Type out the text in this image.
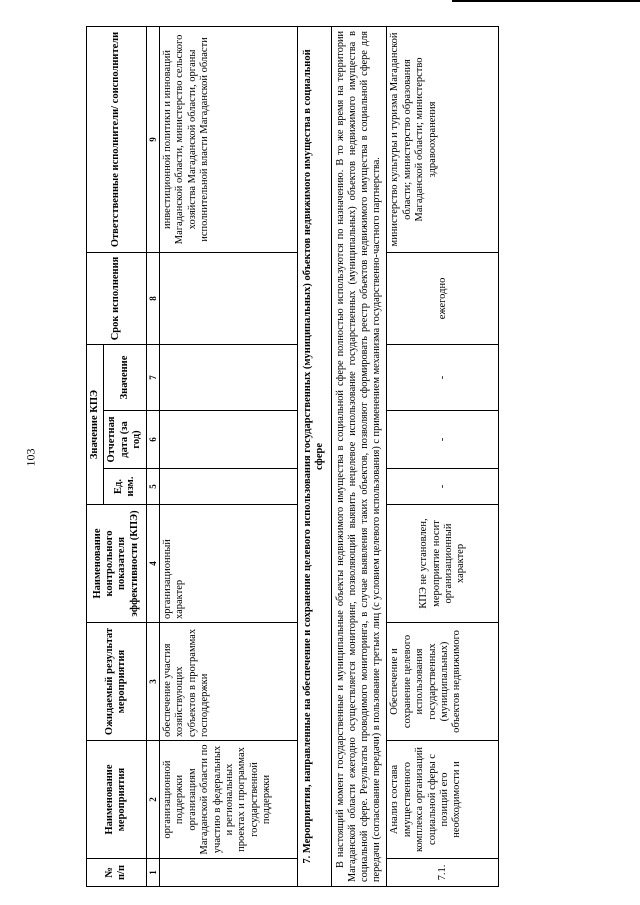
103
№ п/п	Наименование мероприятия	Ожидаемый результат мероприятия	Наименование контрольного показателя эффективности (КПЭ)	Значение КПЭ			Срок исполнения	Ответственные исполнители/ соисполнители
				Ед. изм.	Отчетная дата (за год)	Значение		
1	2	3	4	5	6	7	8	9
	организационной поддержки организациям Магаданской области по участию в федеральных и региональных проектах и программах государственной поддержки	обеспечение участия хозяйствующих субъектов в программах господдержки	организационный характер					инвестиционной политики и инноваций Магаданской области, министерство сельского хозяйства Магаданской области, органы исполнительной власти Магаданской области
7. Мероприятия, направленные на обеспечение и сохранение целевого использования государственных (муниципальных) объектов недвижимого имущества в социальной сфере								
В настоящий момент государственные и муниципальные объекты недвижимого имущества в социальной сфере полностью используются по назначению. В то же время на территории Магаданской области ежегодно осуществляется мониторинг, позволяющий выявить нецелевое использование государственных (муниципальных) объектов недвижимого имущества в социальной сфере. Результаты проводимого мониторинга, в случае выявления таких объектов, позволяют сформировать реестр объектов недвижимого имущества в социальной сфере для передачи (согласование передачи) в пользование третьих лиц (с условием целевого использования) с применением механизма государственно-частного партнерства.								
7.1.	Анализ состава имущественного комплекса организаций социальной сферы с позиций его необходимости и	Обеспечение и сохранение целевого использования государственных (муниципальных) объектов недвижимого	КПЭ не установлен, мероприятие носит организационный характер	-	-	-	ежегодно	министерство культуры и туризма Магаданской области; министерство образования Магаданской области; министерство здравоохранения
